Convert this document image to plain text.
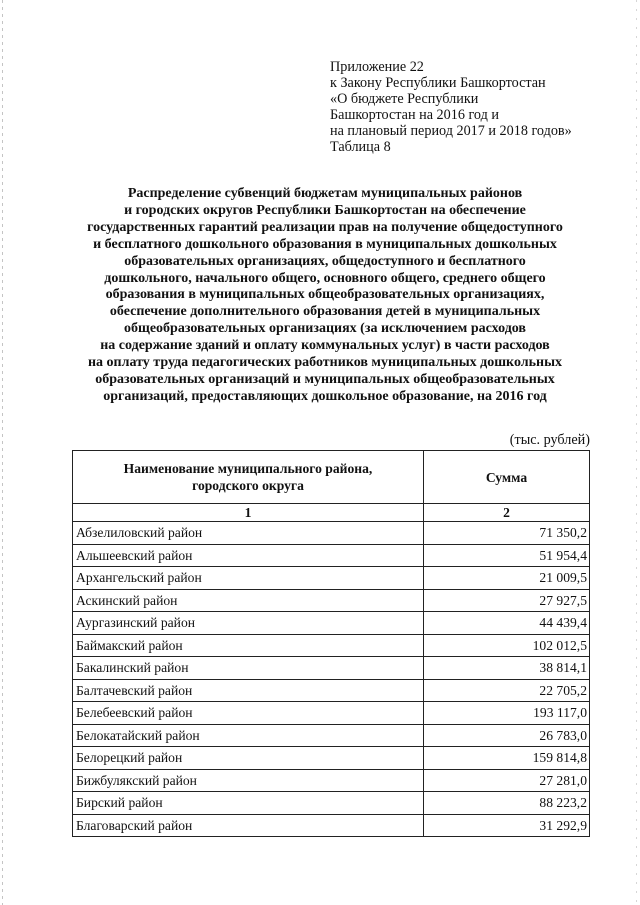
Приложение 22
к Закону Республики Башкортостан
«О бюджете Республики
Башкортостан на 2016 год и
на плановый период 2017 и 2018 годов»
Таблица 8
Распределение субвенций бюджетам муниципальных районов
и городских округов Республики Башкортостан на обеспечение
государственных гарантий реализации прав на получение общедоступного
и бесплатного дошкольного образования в муниципальных дошкольных
образовательных организациях, общедоступного и бесплатного
дошкольного, начального общего, основного общего, среднего общего
образования в муниципальных общеобразовательных организациях,
обеспечение дополнительного образования детей в муниципальных
общеобразовательных организациях (за исключением расходов
на содержание зданий и оплату коммунальных услуг) в части расходов
на оплату труда педагогических работников муниципальных дошкольных
образовательных организаций и муниципальных общеобразовательных
организаций, предоставляющих дошкольное образование, на 2016 год
(тыс. рублей)
Наименование муниципального района,
городского округа	Сумма
1	2
Абзелиловский район	71 350,2
Альшеевский район	51 954,4
Архангельский район	21 009,5
Аскинский район	27 927,5
Аургазинский район	44 439,4
Баймакский район	102 012,5
Бакалинский район	38 814,1
Балтачевский район	22 705,2
Белебеевский район	193 117,0
Белокатайский район	26 783,0
Белорецкий район	159 814,8
Бижбулякский район	27 281,0
Бирский район	88 223,2
Благоварский район	31 292,9
